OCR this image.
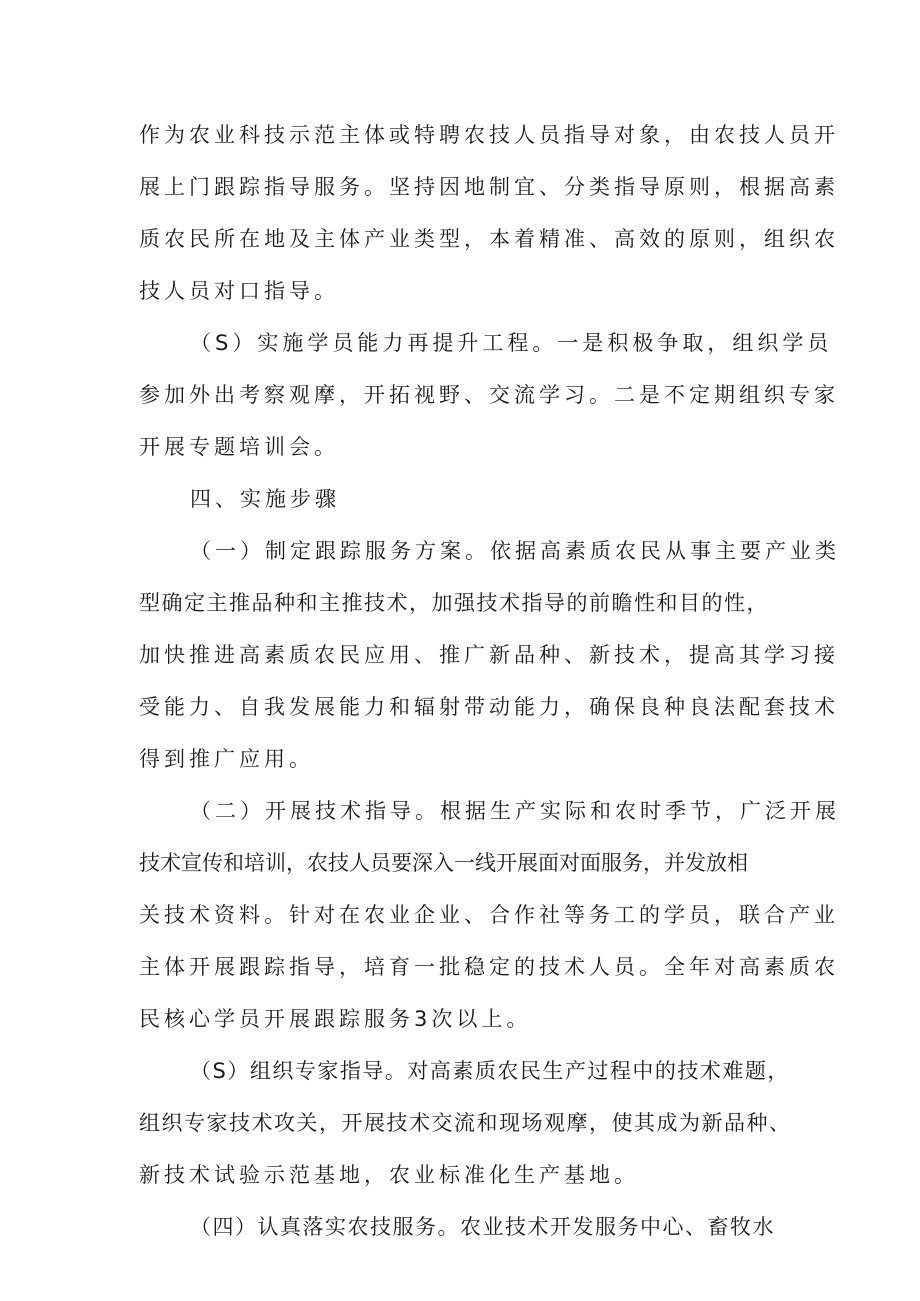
作为农业科技示范主体或特聘农技人员指导对象，由农技人员开

展上门跟踪指导服务。坚持因地制宜、分类指导原则，根据高素

质农民所在地及主体产业类型，本着精准、高效的原则，组织农

技人员对口指导。

（S）实施学员能力再提升工程。一是积极争取，组织学员

参加外出考察观摩，开拓视野、交流学习。二是不定期组织专家

开展专题培训会。

四、实施步骤

（一）制定跟踪服务方案。依据高素质农民从事主要产业类

型确定主推品种和主推技术，加强技术指导的前瞻性和目的性，

加快推进高素质农民应用、推广新品种、新技术，提高其学习接

受能力、自我发展能力和辐射带动能力，确保良种良法配套技术

得到推广应用。

（二）开展技术指导。根据生产实际和农时季节，广泛开展

技术宣传和培训，农技人员要深入一线开展面对面服务，并发放相

关技术资料。针对在农业企业、合作社等务工的学员，联合产业

主体开展跟踪指导，培育一批稳定的技术人员。全年对高素质农

民核心学员开展跟踪服务3次以上。

（S）组织专家指导。对高素质农民生产过程中的技术难题，

组织专家技术攻关，开展技术交流和现场观摩，使其成为新品种、

新技术试验示范基地，农业标准化生产基地。

（四）认真落实农技服务。农业技术开发服务中心、畜牧水
